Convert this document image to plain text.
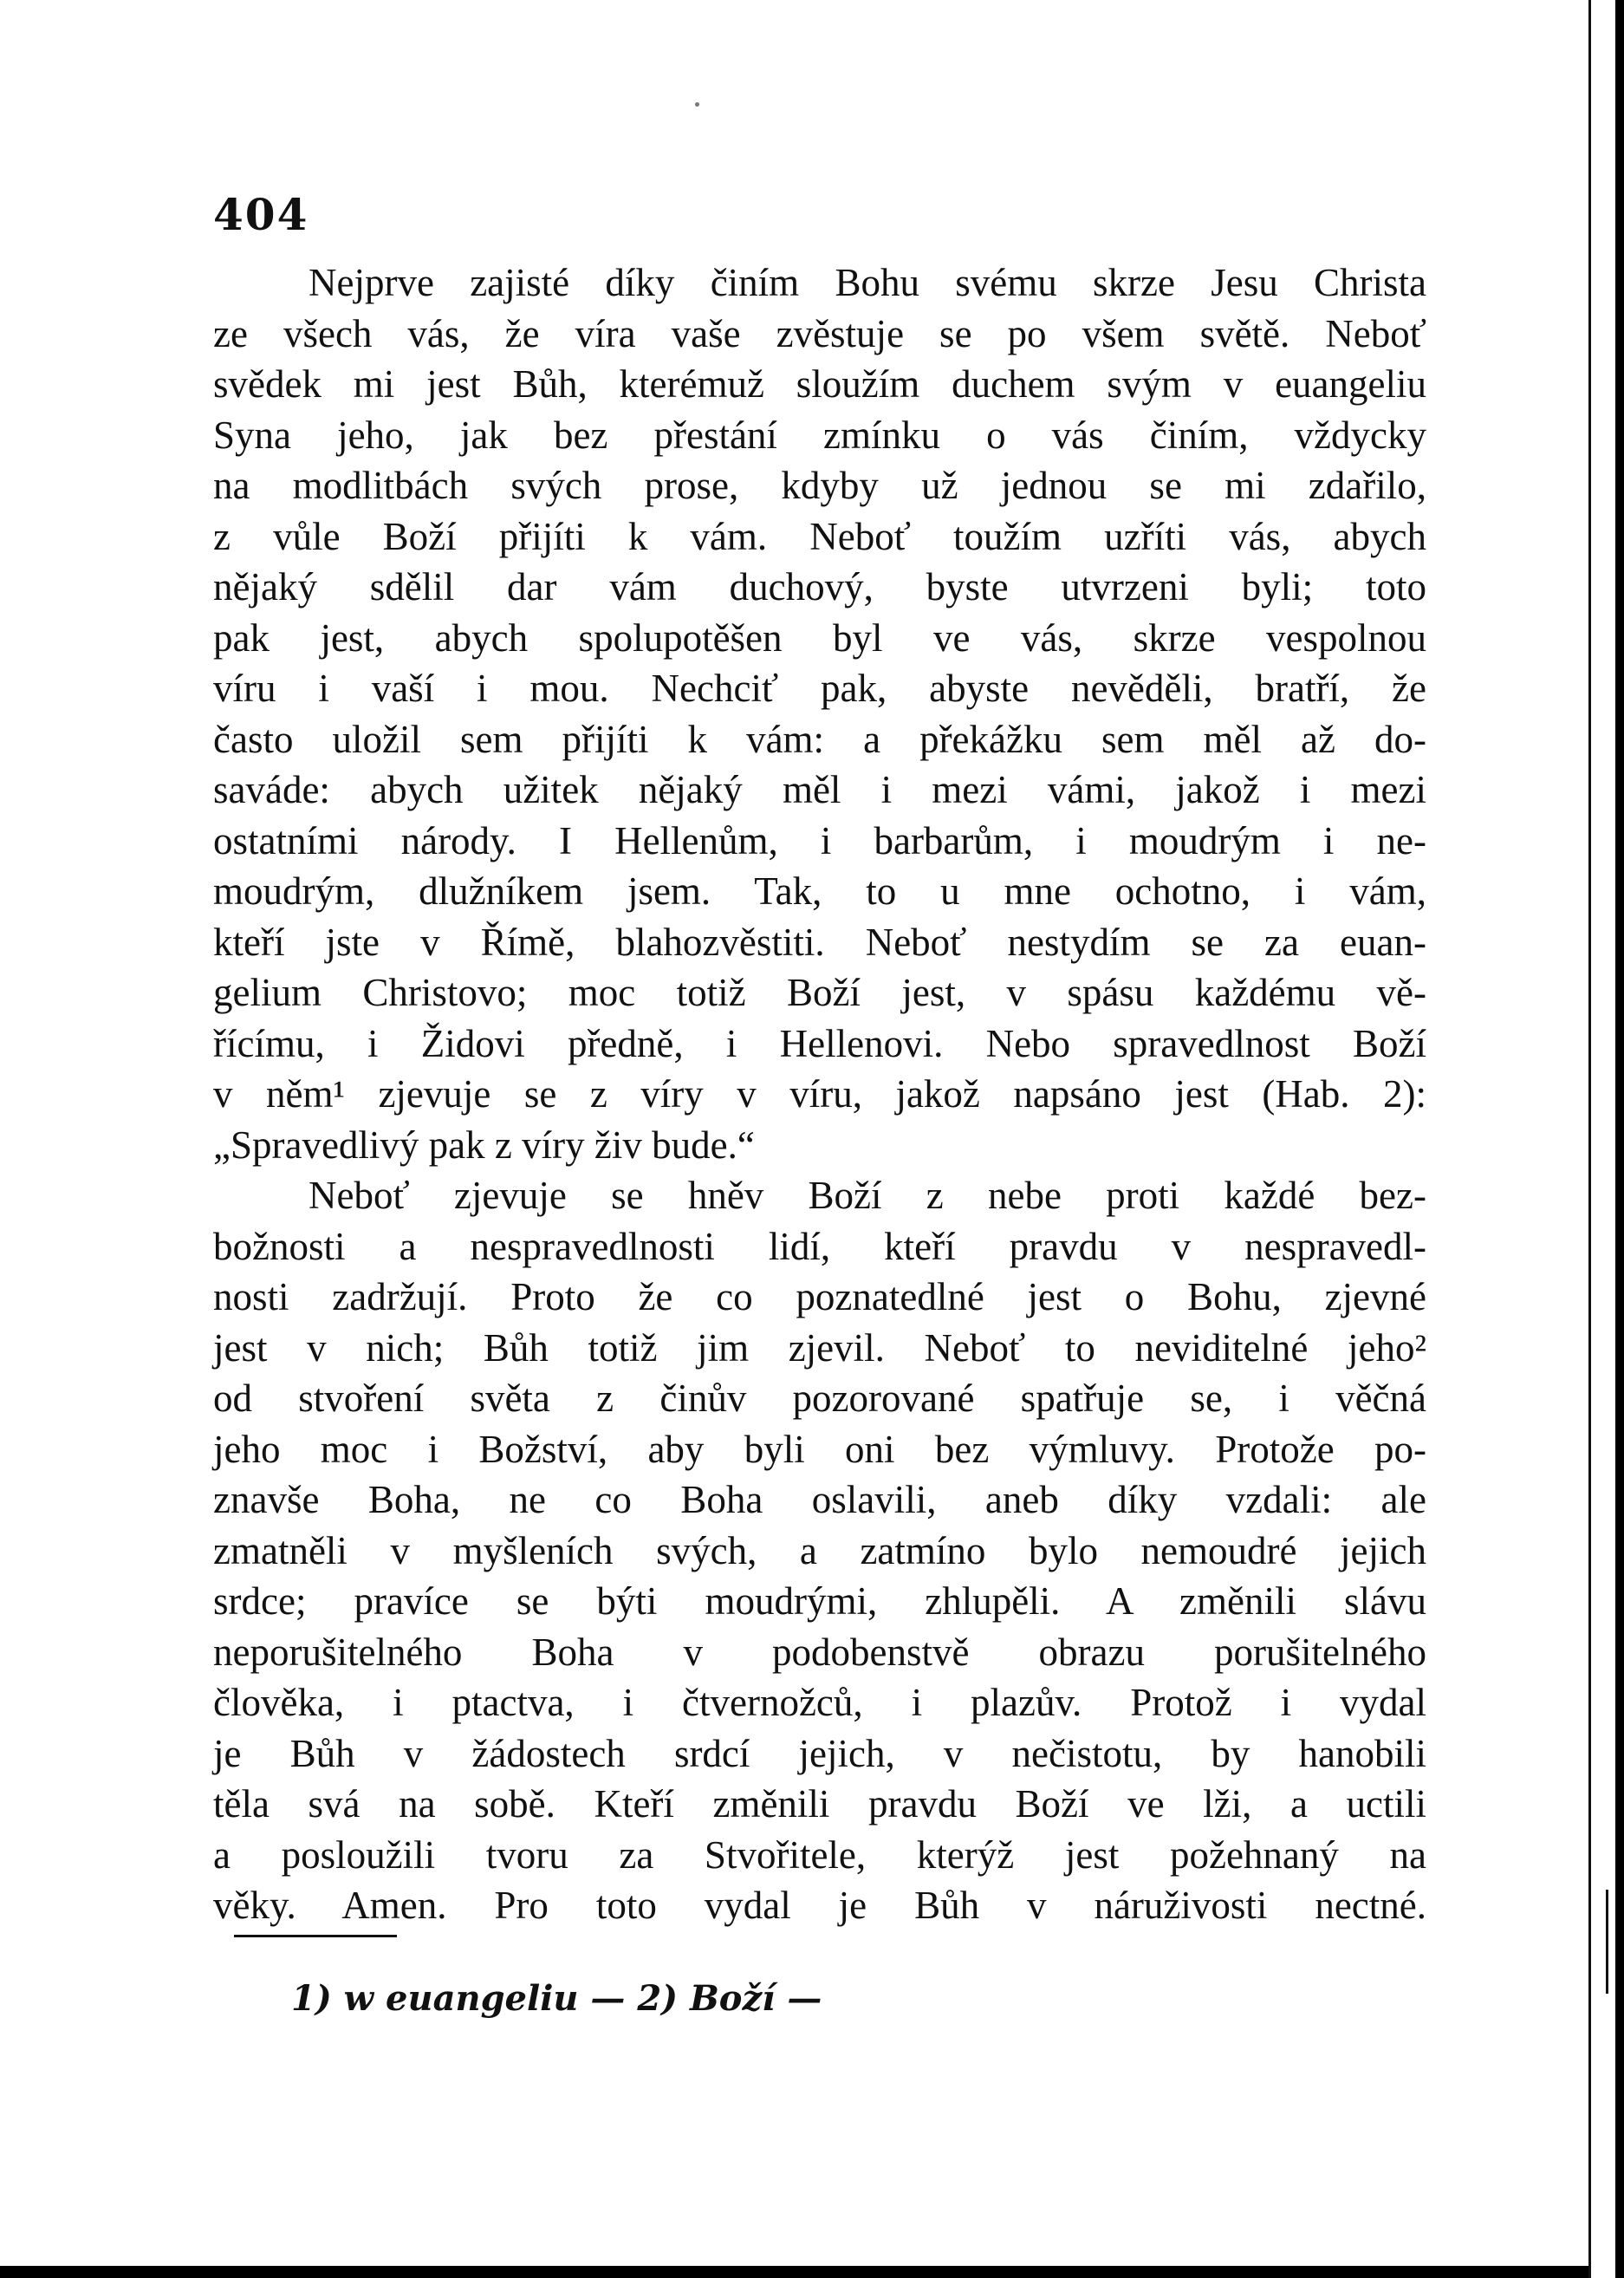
404
Nejprve zajisté díky činím Bohu svému skrze Jesu Christa
ze všech vás, že víra vaše zvěstuje se po všem světě. Neboť
svědek mi jest Bůh, kterémuž sloužím duchem svým v euangeliu
Syna jeho, jak bez přestání zmínku o vás činím, vždycky
na modlitbách svých prose, kdyby už jednou se mi zdařilo,
z vůle Boží přijíti k vám. Neboť toužím uzříti vás, abych
nějaký sdělil dar vám duchový, byste utvrzeni byli; toto
pak jest, abych spolupotěšen byl ve vás, skrze vespolnou
víru i vaší i mou. Nechciť pak, abyste nevěděli, bratří, že
často uložil sem přijíti k vám: a překážku sem měl až do-
saváde: abych užitek nějaký měl i mezi vámi, jakož i mezi
ostatními národy. I Hellenům, i barbarům, i moudrým i ne-
moudrým, dlužníkem jsem. Tak, to u mne ochotno, i vám,
kteří jste v Římě, blahozvěstiti. Neboť nestydím se za euan-
gelium Christovo; moc totiž Boží jest, v spásu každému vě-
řícímu, i Židovi předně, i Hellenovi. Nebo spravedlnost Boží
v něm¹ zjevuje se z víry v víru, jakož napsáno jest (Hab. 2):
„Spravedlivý pak z víry živ bude.“
Neboť zjevuje se hněv Boží z nebe proti každé bez-
božnosti a nespravedlnosti lidí, kteří pravdu v nespravedl-
nosti zadržují. Proto že co poznatedlné jest o Bohu, zjevné
jest v nich; Bůh totiž jim zjevil. Neboť to neviditelné jeho²
od stvoření světa z činův pozorované spatřuje se, i věčná
jeho moc i Božství, aby byli oni bez výmluvy. Protože po-
znavše Boha, ne co Boha oslavili, aneb díky vzdali: ale
zmatněli v myšleních svých, a zatmíno bylo nemoudré jejich
srdce; pravíce se býti moudrými, zhlupěli. A změnili slávu
neporušitelného Boha v podobenstvě obrazu porušitelného
člověka, i ptactva, i čtvernožců, i plazův. Protož i vydal
je Bůh v žádostech srdcí jejich, v nečistotu, by hanobili
těla svá na sobě. Kteří změnili pravdu Boží ve lži, a uctili
a posloužili tvoru za Stvořitele, kterýž jest požehnaný na
věky. Amen. Pro toto vydal je Bůh v náruživosti nectné.
1) w euangeliu — 2) Boží —
